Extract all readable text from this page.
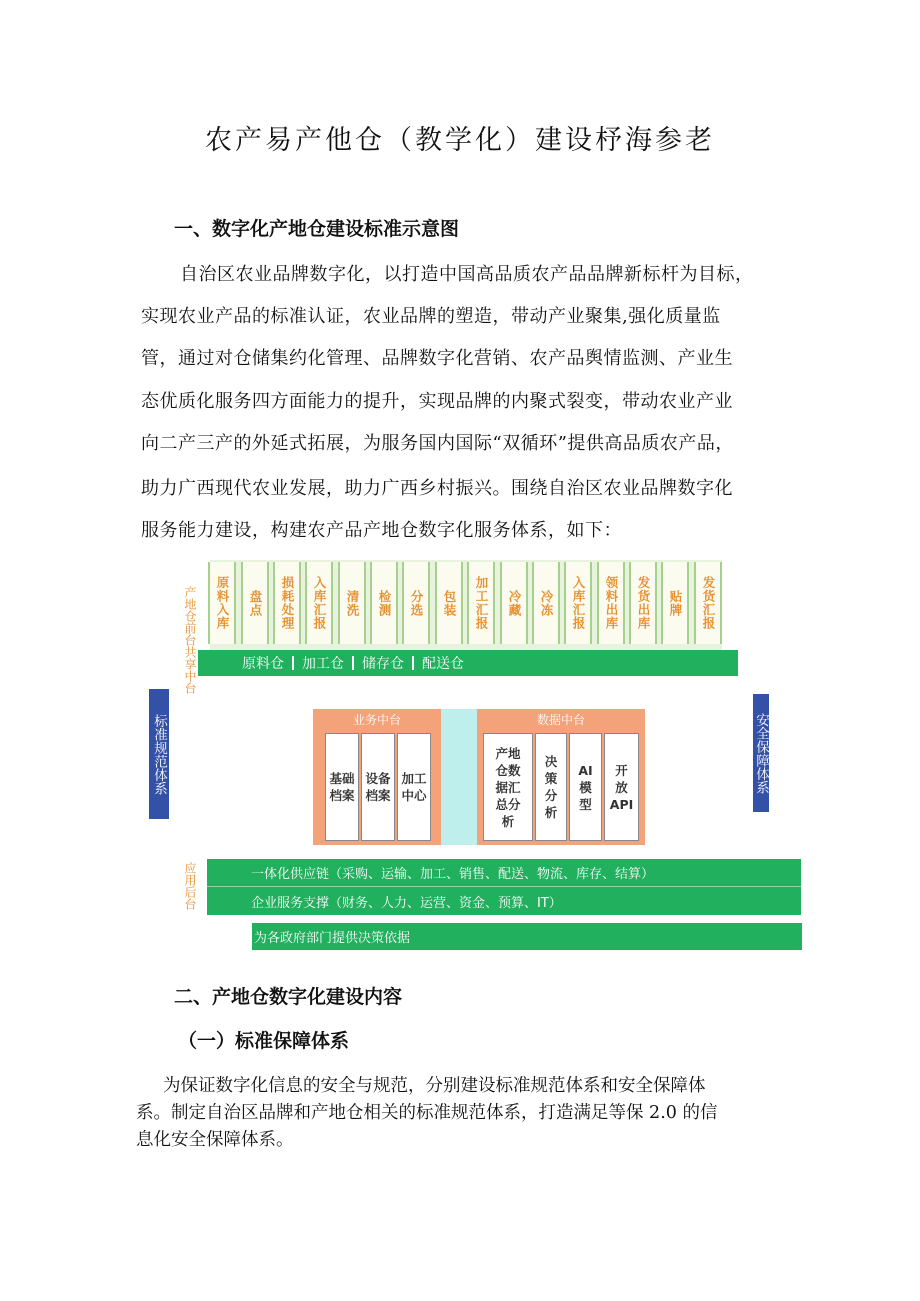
农产易产他仓（教学化）建设杼海参老
一、数字化产地仓建设标准示意图
自治区农业品牌数字化，以打造中国高品质农产品品牌新标杆为目标，
实现农业产品的标准认证，农业品牌的塑造，带动产业聚集,强化质量监
管，通过对仓储集约化管理、品牌数字化营销、农产品舆情监测、产业生
态优质化服务四方面能力的提升，实现品牌的内聚式裂变，带动农业产业
向二产三产的外延式拓展，为服务国内国际“双循环”提供高品质农产品，
助力广西现代农业发展，助力广西乡村振兴。围绕自治区农业品牌数字化
服务能力建设，构建农产品产地仓数字化服务体系，如下：
原料入库	盘点	损耗处理	入库汇报	清洗	检测	分选	包装	加工汇报	冷藏	冷冻	入库汇报	领料出库	发货出库	贴牌	发货汇报
产地仓前台共享中台	原料仓 加工仓 储存仓 配送仓
标准规范体系	安全保障体系
业务中台
基础档案
设备档案
加工中心
数据中台
产地仓数据汇总分析
决策分析
AI模型
开放API
应用后台	一体化供应链（采购、运输、加工、销售、配送、物流、库存、结算）
企业服务支撑（财务、人力、运营、资金、预算、IT）
为各政府部门提供决策依据
二、产地仓数字化建设内容
（一）标准保障体系
为保证数字化信息的安全与规范，分别建设标准规范体系和安全保障体
系。制定自治区品牌和产地仓相关的标准规范体系，打造满足等保 2.0 的信
息化安全保障体系。
